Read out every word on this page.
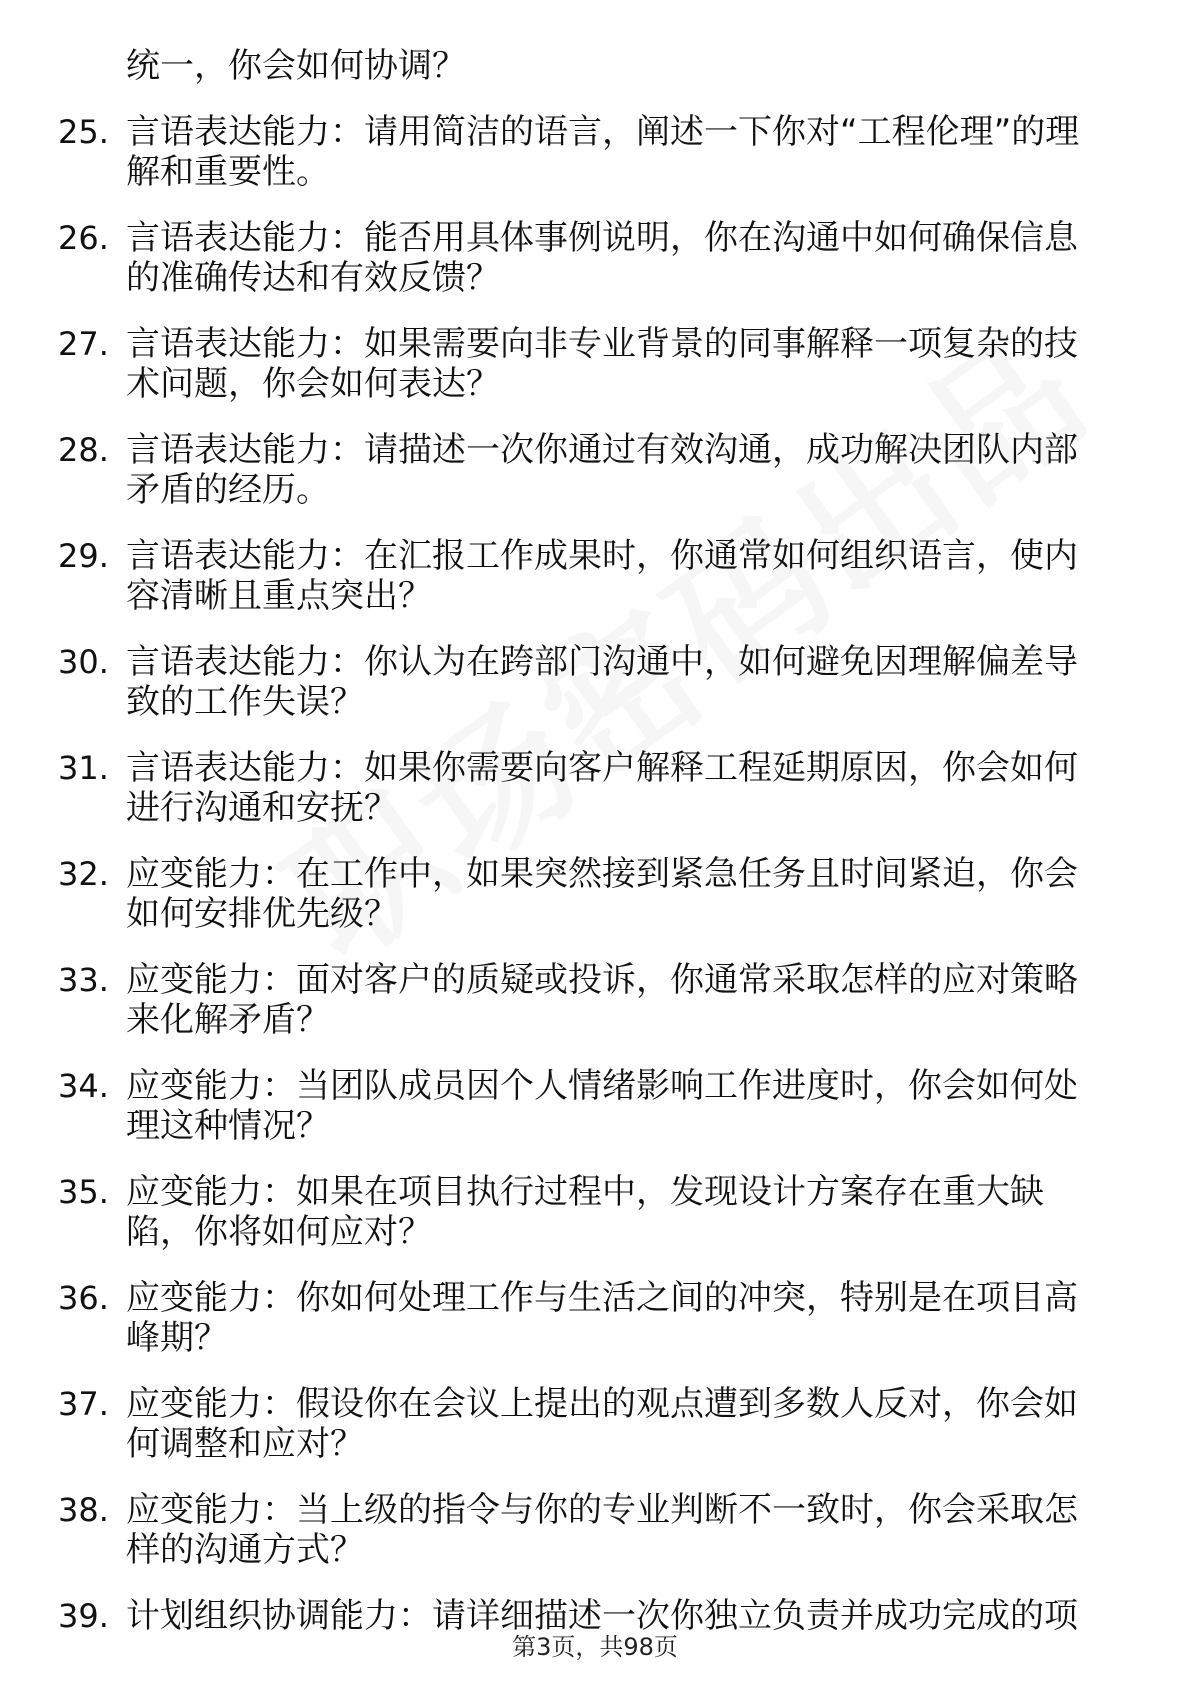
统一，你会如何协调？
25. 言语表达能力：请用简洁的语言，阐述一下你对“工程伦理”的理
解和重要性。
26. 言语表达能力：能否用具体事例说明，你在沟通中如何确保信息
的准确传达和有效反馈？
27. 言语表达能力：如果需要向非专业背景的同事解释一项复杂的技
术问题，你会如何表达？
28. 言语表达能力：请描述一次你通过有效沟通，成功解决团队内部
矛盾的经历。
29. 言语表达能力：在汇报工作成果时，你通常如何组织语言，使内
容清晰且重点突出？
30. 言语表达能力：你认为在跨部门沟通中，如何避免因理解偏差导
致的工作失误？
31. 言语表达能力：如果你需要向客户解释工程延期原因，你会如何
进行沟通和安抚？
32. 应变能力：在工作中，如果突然接到紧急任务且时间紧迫，你会
如何安排优先级？
33. 应变能力：面对客户的质疑或投诉，你通常采取怎样的应对策略
来化解矛盾？
34. 应变能力：当团队成员因个人情绪影响工作进度时，你会如何处
理这种情况？
35. 应变能力：如果在项目执行过程中，发现设计方案存在重大缺
陷，你将如何应对？
36. 应变能力：你如何处理工作与生活之间的冲突，特别是在项目高
峰期？
37. 应变能力：假设你在会议上提出的观点遭到多数人反对，你会如
何调整和应对？
38. 应变能力：当上级的指令与你的专业判断不一致时，你会采取怎
样的沟通方式？
39. 计划组织协调能力：请详细描述一次你独立负责并成功完成的项
第3页，共98页
